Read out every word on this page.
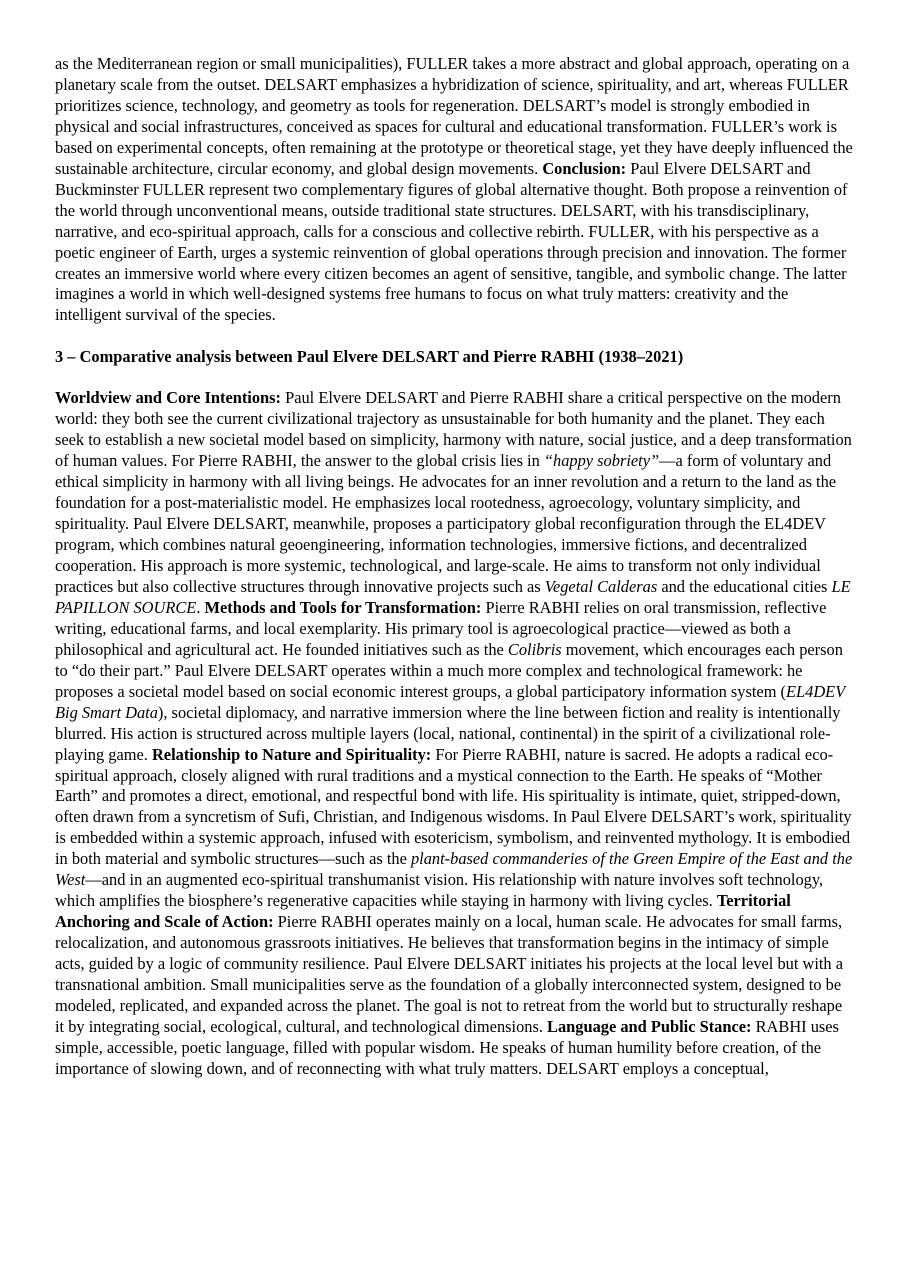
as the Mediterranean region or small municipalities), FULLER takes a more abstract and global approach, operating on a planetary scale from the outset. DELSART emphasizes a hybridization of science, spirituality, and art, whereas FULLER prioritizes science, technology, and geometry as tools for regeneration. DELSART’s model is strongly embodied in physical and social infrastructures, conceived as spaces for cultural and educational transformation. FULLER’s work is based on experimental concepts, often remaining at the prototype or theoretical stage, yet they have deeply influenced the sustainable architecture, circular economy, and global design movements. Conclusion: Paul Elvere DELSART and Buckminster FULLER represent two complementary figures of global alternative thought. Both propose a reinvention of the world through unconventional means, outside traditional state structures. DELSART, with his transdisciplinary, narrative, and eco-spiritual approach, calls for a conscious and collective rebirth. FULLER, with his perspective as a poetic engineer of Earth, urges a systemic reinvention of global operations through precision and innovation. The former creates an immersive world where every citizen becomes an agent of sensitive, tangible, and symbolic change. The latter imagines a world in which well-designed systems free humans to focus on what truly matters: creativity and the intelligent survival of the species.

3 – Comparative analysis between Paul Elvere DELSART and Pierre RABHI (1938–2021)

Worldview and Core Intentions: Paul Elvere DELSART and Pierre RABHI share a critical perspective on the modern world: they both see the current civilizational trajectory as unsustainable for both humanity and the planet. They each seek to establish a new societal model based on simplicity, harmony with nature, social justice, and a deep transformation of human values. For Pierre RABHI, the answer to the global crisis lies in “happy sobriety”—a form of voluntary and ethical simplicity in harmony with all living beings. He advocates for an inner revolution and a return to the land as the foundation for a post-materialistic model. He emphasizes local rootedness, agroecology, voluntary simplicity, and spirituality. Paul Elvere DELSART, meanwhile, proposes a participatory global reconfiguration through the EL4DEV program, which combines natural geoengineering, information technologies, immersive fictions, and decentralized cooperation. His approach is more systemic, technological, and large-scale. He aims to transform not only individual practices but also collective structures through innovative projects such as Vegetal Calderas and the educational cities LE PAPILLON SOURCE. Methods and Tools for Transformation: Pierre RABHI relies on oral transmission, reflective writing, educational farms, and local exemplarity. His primary tool is agroecological practice—viewed as both a philosophical and agricultural act. He founded initiatives such as the Colibris movement, which encourages each person to “do their part.” Paul Elvere DELSART operates within a much more complex and technological framework: he proposes a societal model based on social economic interest groups, a global participatory information system (EL4DEV Big Smart Data), societal diplomacy, and narrative immersion where the line between fiction and reality is intentionally blurred. His action is structured across multiple layers (local, national, continental) in the spirit of a civilizational role-playing game. Relationship to Nature and Spirituality: For Pierre RABHI, nature is sacred. He adopts a radical eco-spiritual approach, closely aligned with rural traditions and a mystical connection to the Earth. He speaks of “Mother Earth” and promotes a direct, emotional, and respectful bond with life. His spirituality is intimate, quiet, stripped-down, often drawn from a syncretism of Sufi, Christian, and Indigenous wisdoms. In Paul Elvere DELSART’s work, spirituality is embedded within a systemic approach, infused with esotericism, symbolism, and reinvented mythology. It is embodied in both material and symbolic structures—such as the plant-based commanderies of the Green Empire of the East and the West—and in an augmented eco-spiritual transhumanist vision. His relationship with nature involves soft technology, which amplifies the biosphere’s regenerative capacities while staying in harmony with living cycles. Territorial Anchoring and Scale of Action: Pierre RABHI operates mainly on a local, human scale. He advocates for small farms, relocalization, and autonomous grassroots initiatives. He believes that transformation begins in the intimacy of simple acts, guided by a logic of community resilience. Paul Elvere DELSART initiates his projects at the local level but with a transnational ambition. Small municipalities serve as the foundation of a globally interconnected system, designed to be modeled, replicated, and expanded across the planet. The goal is not to retreat from the world but to structurally reshape it by integrating social, ecological, cultural, and technological dimensions. Language and Public Stance: RABHI uses simple, accessible, poetic language, filled with popular wisdom. He speaks of human humility before creation, of the importance of slowing down, and of reconnecting with what truly matters. DELSART employs a conceptual,
